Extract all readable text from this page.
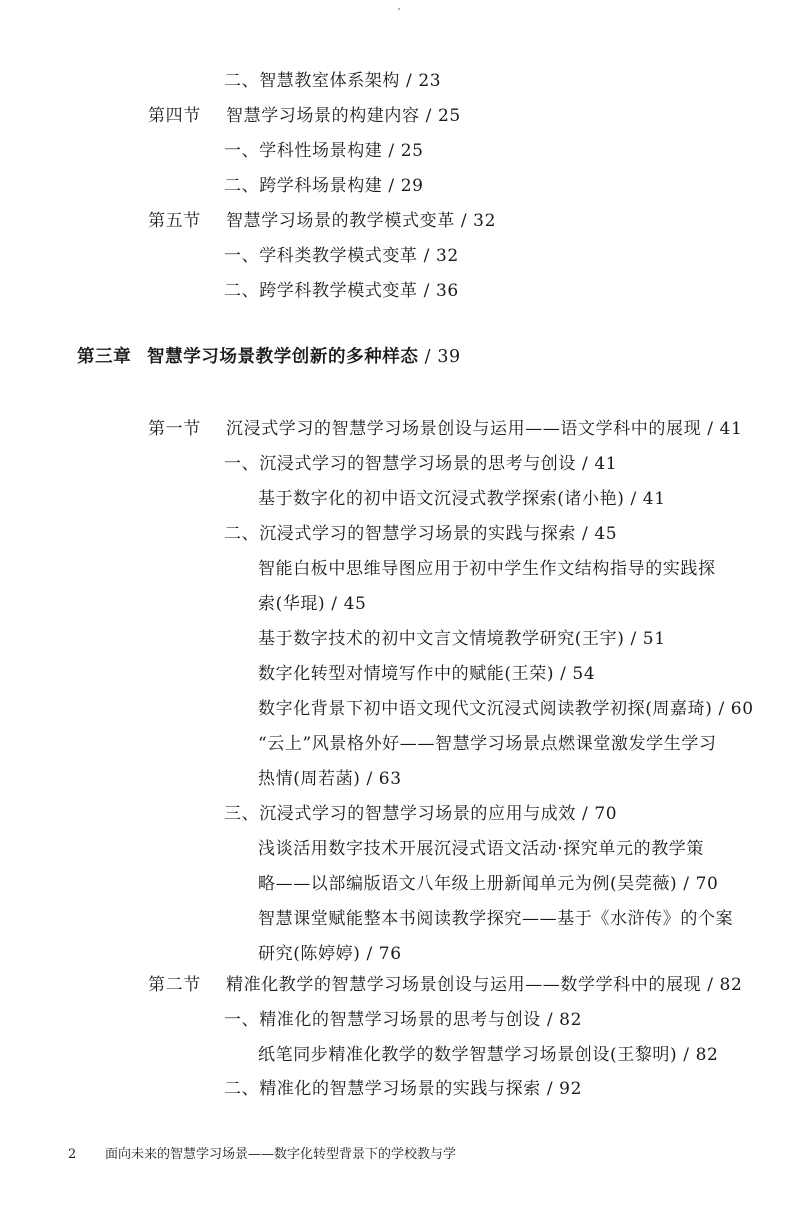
二、智慧教室体系架构 / 23
第四节 智慧学习场景的构建内容 / 25
一、学科性场景构建 / 25
二、跨学科场景构建 / 29
第五节 智慧学习场景的教学模式变革 / 32
一、学科类教学模式变革 / 32
二、跨学科教学模式变革 / 36
第三章 智慧学习场景教学创新的多种样态 / 39
第一节 沉浸式学习的智慧学习场景创设与运用——语文学科中的展现 / 41
一、沉浸式学习的智慧学习场景的思考与创设 / 41
基于数字化的初中语文沉浸式教学探索(诸小艳) / 41
二、沉浸式学习的智慧学习场景的实践与探索 / 45
智能白板中思维导图应用于初中学生作文结构指导的实践探
索(华琨) / 45
基于数字技术的初中文言文情境教学研究(王宇) / 51
数字化转型对情境写作中的赋能(王荣) / 54
数字化背景下初中语文现代文沉浸式阅读教学初探(周嘉琦) / 60
“云上”风景格外好——智慧学习场景点燃课堂激发学生学习
热情(周若菡) / 63
三、沉浸式学习的智慧学习场景的应用与成效 / 70
浅谈活用数字技术开展沉浸式语文活动·探究单元的教学策
略——以部编版语文八年级上册新闻单元为例(吴莞薇) / 70
智慧课堂赋能整本书阅读教学探究——基于《水浒传》的个案
研究(陈婷婷) / 76
第二节 精准化教学的智慧学习场景创设与运用——数学学科中的展现 / 82
一、精准化的智慧学习场景的思考与创设 / 82
纸笔同步精准化教学的数学智慧学习场景创设(王黎明) / 82
二、精准化的智慧学习场景的实践与探索 / 92
2 面向未来的智慧学习场景——数字化转型背景下的学校教与学
